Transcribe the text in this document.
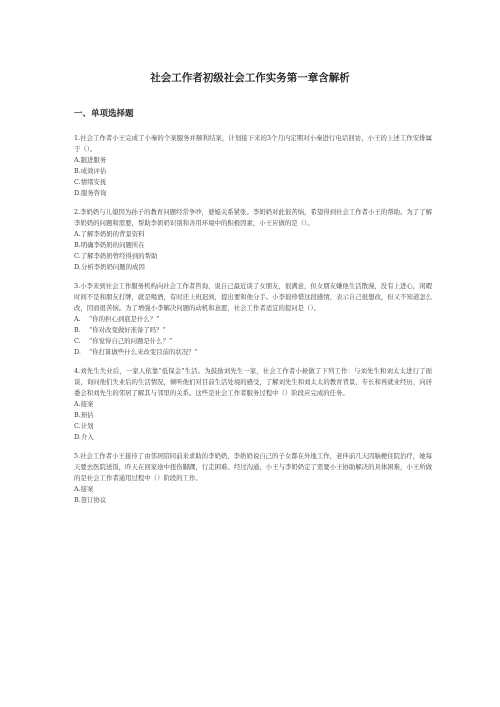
社会工作者初级社会工作实务第一章含解析
一、单项选择题

1.社会工作者小王完成了小秦的个案服务并顺利结案，计划接下来的3个月内定期对小秦进行电话回访，小王的上述工作安排属于（）。

A.跟进服务

B.成效评估

C.情绪安抚

D.服务咨询

2.李奶奶与儿媳因为孙子的教育问题经常争吵，婆媳关系紧张。李奶奶对此很苦恼，希望得到社会工作者小王的帮助。为了了解李奶奶的问题和需要，帮助李奶奶识别和善用环境中的积极因素，小王应做的是（）。

A.了解李奶奶的背景资料

B.明确李奶奶的问题所在

C.了解李奶奶曾经得到的帮助

D.分析李奶奶问题的成因

3.小李来到社会工作服务机构向社会工作者咨询，说自己最近谈了女朋友，很满意，但女朋友嫌他生活散漫，没有上进心，闲暇时间不是和朋友打牌，就是喝酒，有时还上班迟到，提出要和他分手。小李很珍惜这段感情，表示自己很想改，但又不知道怎么改，因而很苦恼。为了增强小李解决问题的动机和意愿，社会工作者适宜的提问是（）。

A. “你的担心到底是什么？”

B. “你对改变做好准备了吗？”

C. “你觉得自己的问题是什么？”

D. “你打算做些什么来改变目前的状况？”

4.刘先生失业后，一家人依靠“低保金”生活。为鼓励刘先生一家，社会工作者小候做了下列工作：与刘先生和刘太太进行了面谈，询问他们失业后的生活情况，倾听他们对目前生活处境的感受，了解刘先生和刘太太的教育背景、专长和再就业经历，向居委会和刘先生的邻居了解其与邻里的关系。这些是社会工作者服务过程中（）阶段应完成的任务。

A.接案

B.预估

C.计划

D.介入

5.社会工作者小王接待了由邻居陪同前来求助的李奶奶，李奶奶说自己的子女都在外地工作，老伴前几天因脑梗住院治疗，她每天要去医院送饭，昨天在回家途中扭伤脚踝，行走困难。经过沟通，小王与李奶奶定了需要小王协助解决的具体困难，小王所做的是社会工作者通用过程中（）阶段的工作。

A.接案

B.签订协议
